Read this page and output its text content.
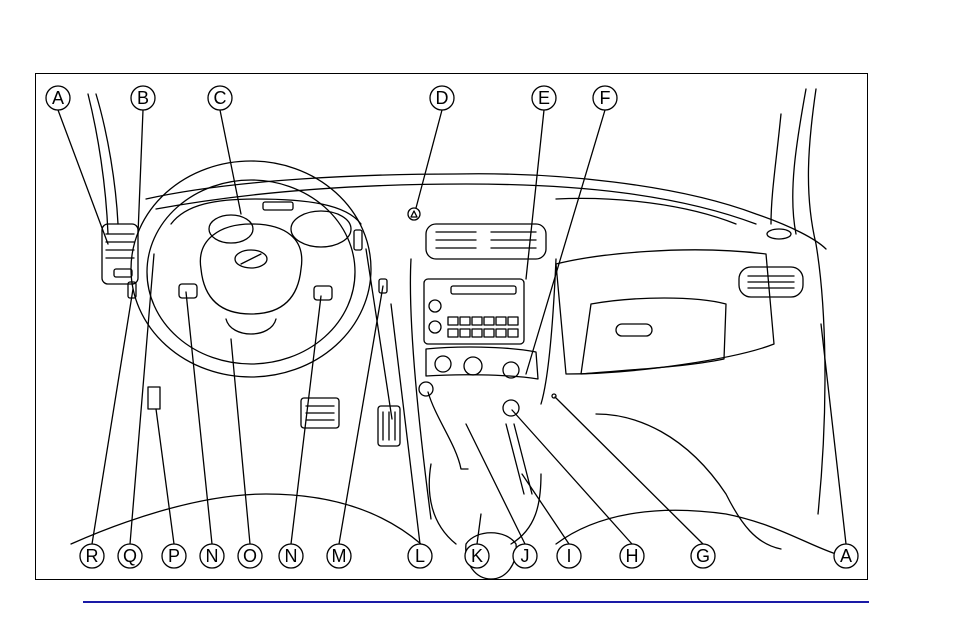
A	B	C	D	E	F
R Q P N O N M	L	K J I	H	G	A
